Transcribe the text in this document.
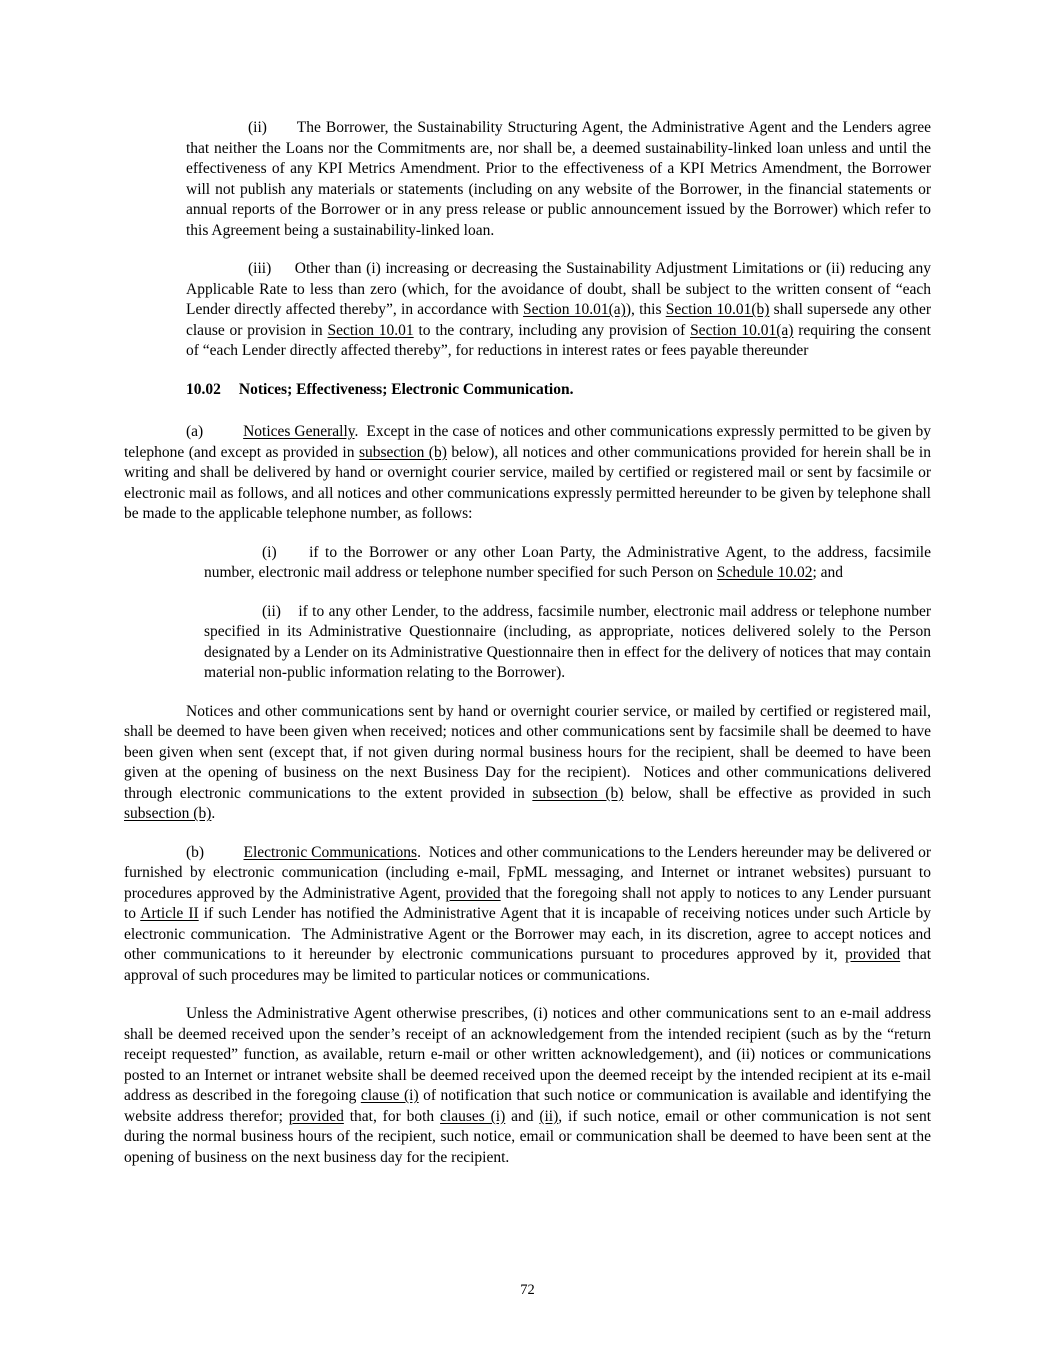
(ii)      The Borrower, the Sustainability Structuring Agent, the Administrative Agent and the Lenders agree that neither the Loans nor the Commitments are, nor shall be, a deemed sustainability-linked loan unless and until the effectiveness of any KPI Metrics Amendment. Prior to the effectiveness of a KPI Metrics Amendment, the Borrower will not publish any materials or statements (including on any website of the Borrower, in the financial statements or annual reports of the Borrower or in any press release or public announcement issued by the Borrower) which refer to this Agreement being a sustainability-linked loan.

(iii)     Other than (i) increasing or decreasing the Sustainability Adjustment Limitations or (ii) reducing any Applicable Rate to less than zero (which, for the avoidance of doubt, shall be subject to the written consent of “each Lender directly affected thereby”, in accordance with Section 10.01(a)), this Section 10.01(b) shall supersede any other clause or provision in Section 10.01 to the contrary, including any provision of Section 10.01(a) requiring the consent of “each Lender directly affected thereby”, for reductions in interest rates or fees payable thereunder

10.02 Notices; Effectiveness; Electronic Communication.

(a)          Notices Generally.  Except in the case of notices and other communications expressly permitted to be given by telephone (and except as provided in subsection (b) below), all notices and other communications provided for herein shall be in writing and shall be delivered by hand or overnight courier service, mailed by certified or registered mail or sent by facsimile or electronic mail as follows, and all notices and other communications expressly permitted hereunder to be given by telephone shall be made to the applicable telephone number, as follows:

(i)     if to the Borrower or any other Loan Party, the Administrative Agent, to the address, facsimile number, electronic mail address or telephone number specified for such Person on Schedule 10.02; and

(ii)    if to any other Lender, to the address, facsimile number, electronic mail address or telephone number specified in its Administrative Questionnaire (including, as appropriate, notices delivered solely to the Person designated by a Lender on its Administrative Questionnaire then in effect for the delivery of notices that may contain material non-public information relating to the Borrower).

Notices and other communications sent by hand or overnight courier service, or mailed by certified or registered mail, shall be deemed to have been given when received; notices and other communications sent by facsimile shall be deemed to have been given when sent (except that, if not given during normal business hours for the recipient, shall be deemed to have been given at the opening of business on the next Business Day for the recipient).  Notices and other communications delivered through electronic communications to the extent provided in subsection (b) below, shall be effective as provided in such subsection (b).

(b)          Electronic Communications.  Notices and other communications to the Lenders hereunder may be delivered or furnished by electronic communication (including e-mail, FpML messaging, and Internet or intranet websites) pursuant to procedures approved by the Administrative Agent, provided that the foregoing shall not apply to notices to any Lender pursuant to Article II if such Lender has notified the Administrative Agent that it is incapable of receiving notices under such Article by electronic communication.  The Administrative Agent or the Borrower may each, in its discretion, agree to accept notices and other communications to it hereunder by electronic communications pursuant to procedures approved by it, provided that approval of such procedures may be limited to particular notices or communications.

Unless the Administrative Agent otherwise prescribes, (i) notices and other communications sent to an e-mail address shall be deemed received upon the sender’s receipt of an acknowledgement from the intended recipient (such as by the “return receipt requested” function, as available, return e-mail or other written acknowledgement), and (ii) notices or communications posted to an Internet or intranet website shall be deemed received upon the deemed receipt by the intended recipient at its e-mail address as described in the foregoing clause (i) of notification that such notice or communication is available and identifying the website address therefor; provided that, for both clauses (i) and (ii), if such notice, email or other communication is not sent during the normal business hours of the recipient, such notice, email or communication shall be deemed to have been sent at the opening of business on the next business day for the recipient.

72
